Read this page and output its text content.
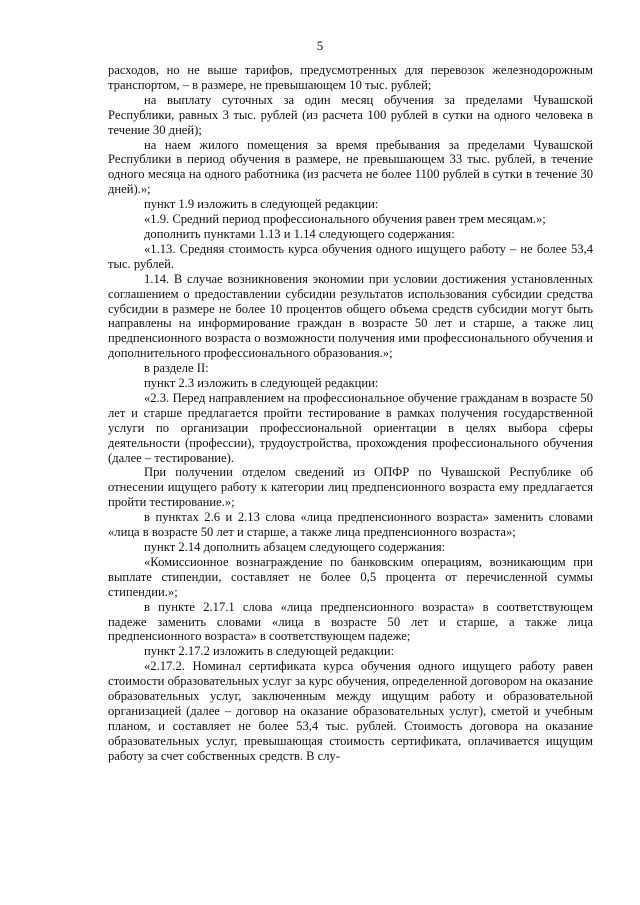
5

расходов, но не выше тарифов, предусмотренных для перевозок железнодорожным транспортом, – в размере, не превышающем 10 тыс. рублей;

на выплату суточных за один месяц обучения за пределами Чувашской Республики, равных 3 тыс. рублей (из расчета 100 рублей в сутки на одного человека в течение 30 дней);

на наем жилого помещения за время пребывания за пределами Чувашской Республики в период обучения в размере, не превышающем 33 тыс. рублей, в течение одного месяца на одного работника (из расчета не более 1100 рублей в сутки в течение 30 дней).»;

пункт 1.9 изложить в следующей редакции:

«1.9. Средний период профессионального обучения равен трем месяцам.»;

дополнить пунктами 1.13 и 1.14 следующего содержания:

«1.13. Средняя стоимость курса обучения одного ищущего работу – не более 53,4 тыс. рублей.

1.14. В случае возникновения экономии при условии достижения установленных соглашением о предоставлении субсидии результатов использования субсидии средства субсидии в размере не более 10 процентов общего объема средств субсидии могут быть направлены на информирование граждан в возрасте 50 лет и старше, а также лиц предпенсионного возраста о возможности получения ими профессионального обучения и дополнительного профессионального образования.»;

в разделе II:

пункт 2.3 изложить в следующей редакции:

«2.3. Перед направлением на профессиональное обучение гражданам в возрасте 50 лет и старше предлагается пройти тестирование в рамках получения государственной услуги по организации профессиональной ориентации в целях выбора сферы деятельности (профессии), трудоустройства, прохождения профессионального обучения (далее – тестирование).

При получении отделом сведений из ОПФР по Чувашской Республике об отнесении ищущего работу к категории лиц предпенсионного возраста ему предлагается пройти тестирование.»;

в пунктах 2.6 и 2.13 слова «лица предпенсионного возраста» заменить словами «лица в возрасте 50 лет и старше, а также лица предпенсионного возраста»;

пункт 2.14 дополнить абзацем следующего содержания:

«Комиссионное вознаграждение по банковским операциям, возникающим при выплате стипендии, составляет не более 0,5 процента от перечисленной суммы стипендии.»;

в пункте 2.17.1 слова «лица предпенсионного возраста» в соответствующем падеже заменить словами «лица в возрасте 50 лет и старше, а также лица предпенсионного возраста» в соответствующем падеже;

пункт 2.17.2 изложить в следующей редакции:

«2.17.2. Номинал сертификата курса обучения одного ищущего работу равен стоимости образовательных услуг за курс обучения, определенной договором на оказание образовательных услуг, заключенным между ищущим работу и образовательной организацией (далее – договор на оказание образовательных услуг), сметой и учебным планом, и составляет не более 53,4 тыс. рублей. Стоимость договора на оказание образовательных услуг, превышающая стоимость сертификата, оплачивается ищущим работу за счет собственных средств. В слу-
